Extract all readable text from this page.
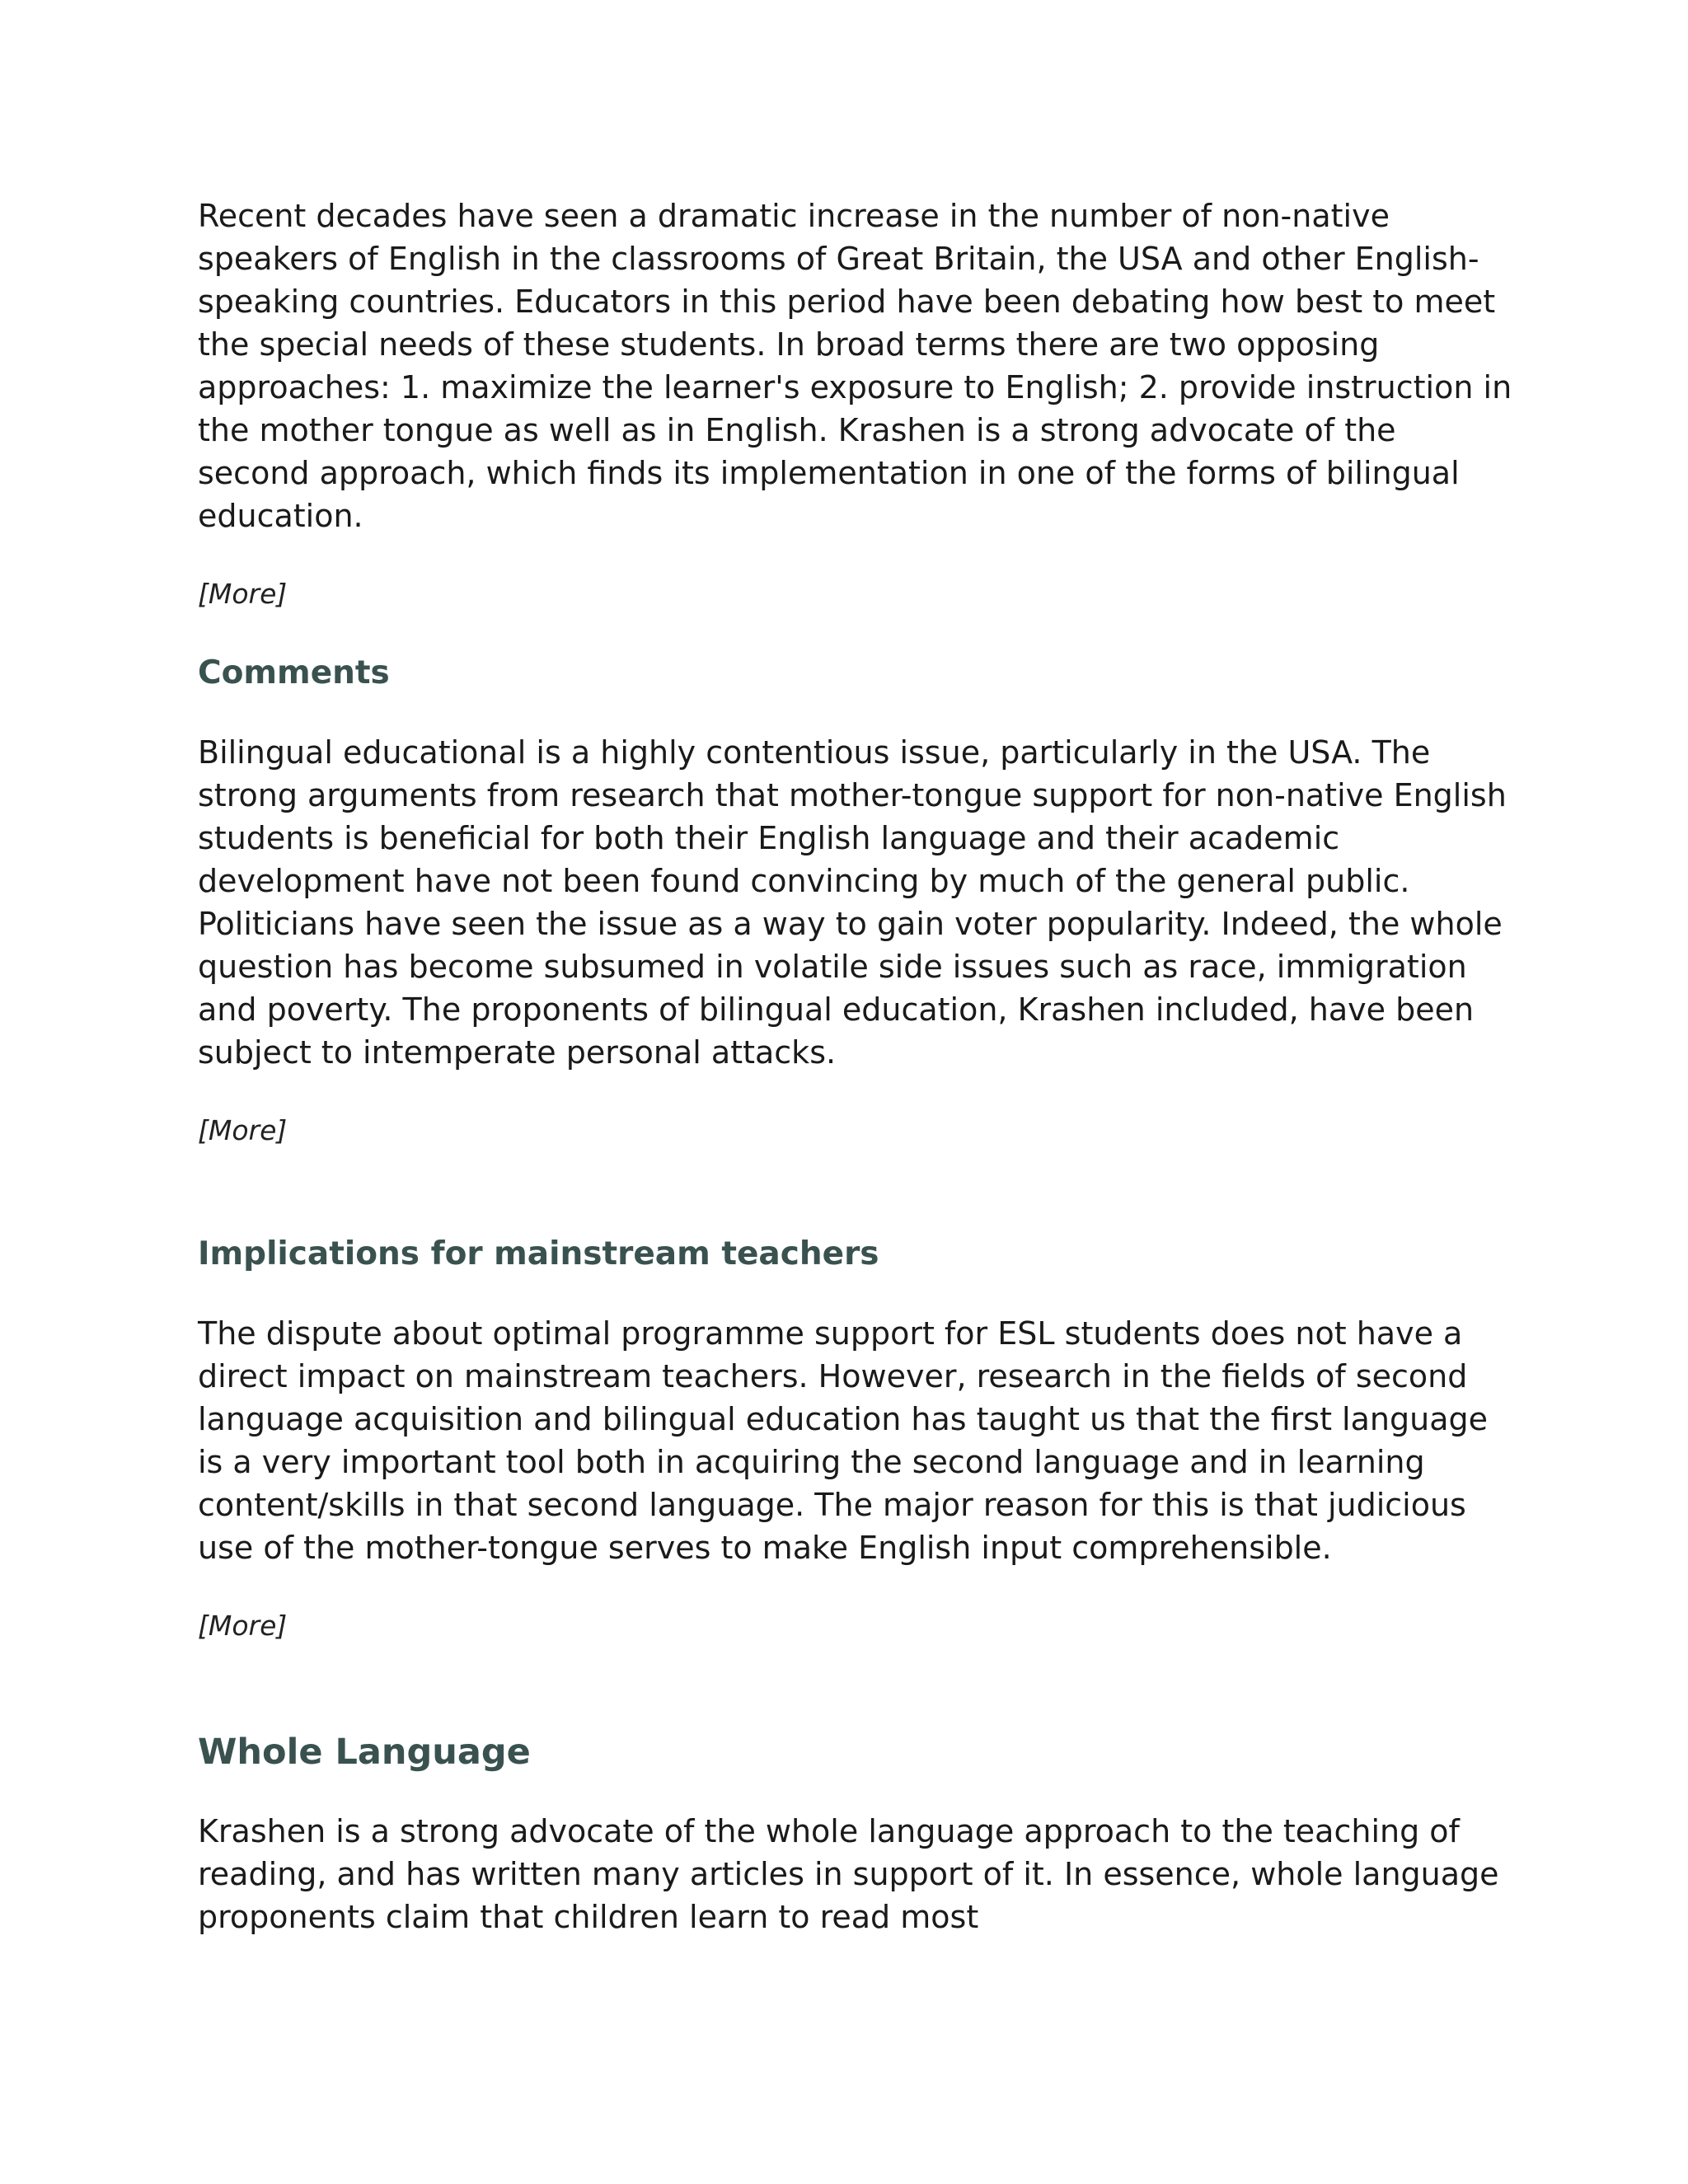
Recent decades have seen a dramatic increase in the number of non-native speakers of English in the classrooms of Great Britain, the USA and other English-speaking countries. Educators in this period have been debating how best to meet the special needs of these students. In broad terms there are two opposing approaches: 1. maximize the learner's exposure to English; 2. provide instruction in the mother tongue as well as in English. Krashen is a strong advocate of the second approach, which finds its implementation in one of the forms of bilingual education.

[More]

Comments

Bilingual educational is a highly contentious issue, particularly in the USA. The strong arguments from research that mother-tongue support for non-native English students is beneficial for both their English language and their academic development have not been found convincing by much of the general public. Politicians have seen the issue as a way to gain voter popularity. Indeed, the whole question has become subsumed in volatile side issues such as race, immigration and poverty. The proponents of bilingual education, Krashen included, have been subject to intemperate personal attacks.

[More]

Implications for mainstream teachers

The dispute about optimal programme support for ESL students does not have a direct impact on mainstream teachers. However, research in the fields of second language acquisition and bilingual education has taught us that the first language is a very important tool both in acquiring the second language and in learning content/skills in that second language. The major reason for this is that judicious use of the mother-tongue serves to make English input comprehensible.

[More]

Whole Language

Krashen is a strong advocate of the whole language approach to the teaching of reading, and has written many articles in support of it. In essence, whole language proponents claim that children learn to read most
